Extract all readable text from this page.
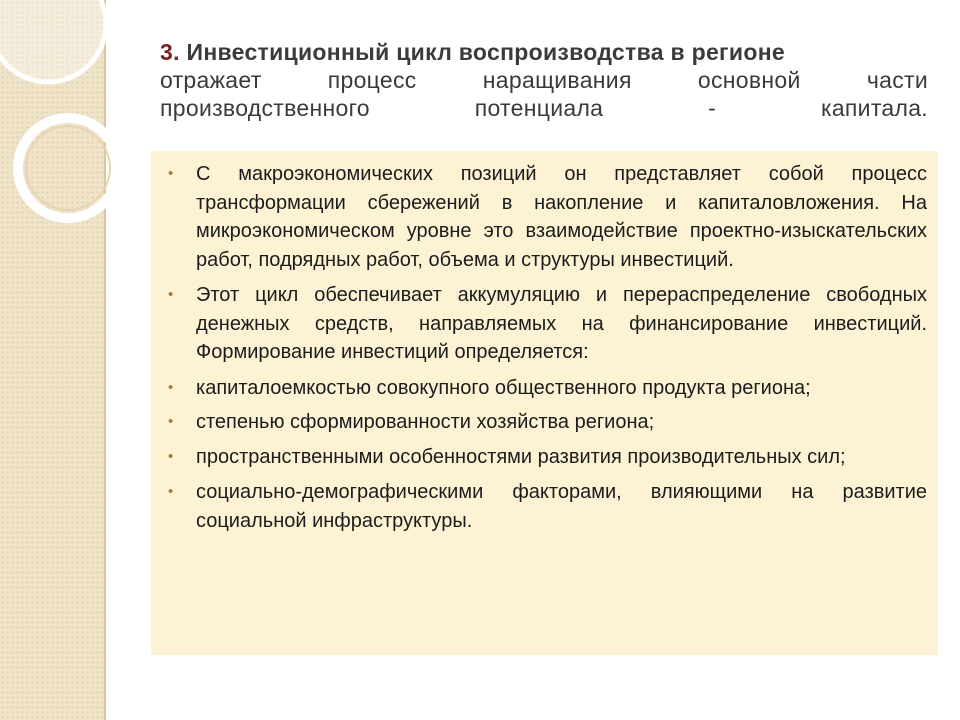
3. Инвестиционный цикл воспроизводства в регионе
отражает процесс наращивания основной части
производственного	потенциала	-	капитала.
• С макроэкономических позиций он представляет собой процесс трансформации сбережений в накопление и капиталовложения. На микроэкономическом уровне это взаимодействие проектно-изыскательских работ, подрядных работ, объема и структуры инвестиций.
• Этот цикл обеспечивает аккумуляцию и перераспределение свободных денежных средств, направляемых на финансирование инвестиций. Формирование инвестиций определяется:
• капиталоемкостью совокупного общественного продукта региона;
• степенью сформированности хозяйства региона;
• пространственными особенностями развития производительных сил;
• социально-демографическими факторами, влияющими на развитие социальной инфраструктуры.
